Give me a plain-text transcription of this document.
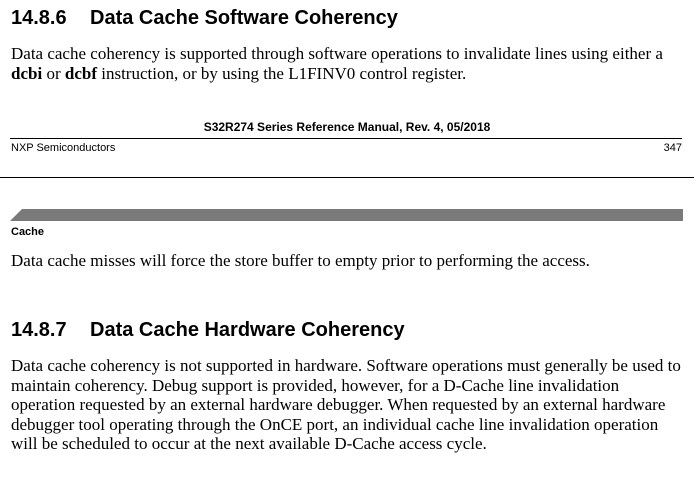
14.8.6 Data Cache Software Coherency

Data cache coherency is supported through software operations to invalidate lines using either a dcbi or dcbf instruction, or by using the L1FINV0 control register.

S32R274 Series Reference Manual, Rev. 4, 05/2018
NXP Semiconductors	347
Cache

Data cache misses will force the store buffer to empty prior to performing the access.

14.8.7 Data Cache Hardware Coherency

Data cache coherency is not supported in hardware. Software operations must generally be used to maintain coherency. Debug support is provided, however, for a D-Cache line invalidation operation requested by an external hardware debugger. When requested by an external hardware debugger tool operating through the OnCE port, an individual cache line invalidation operation will be scheduled to occur at the next available D-Cache access cycle.
